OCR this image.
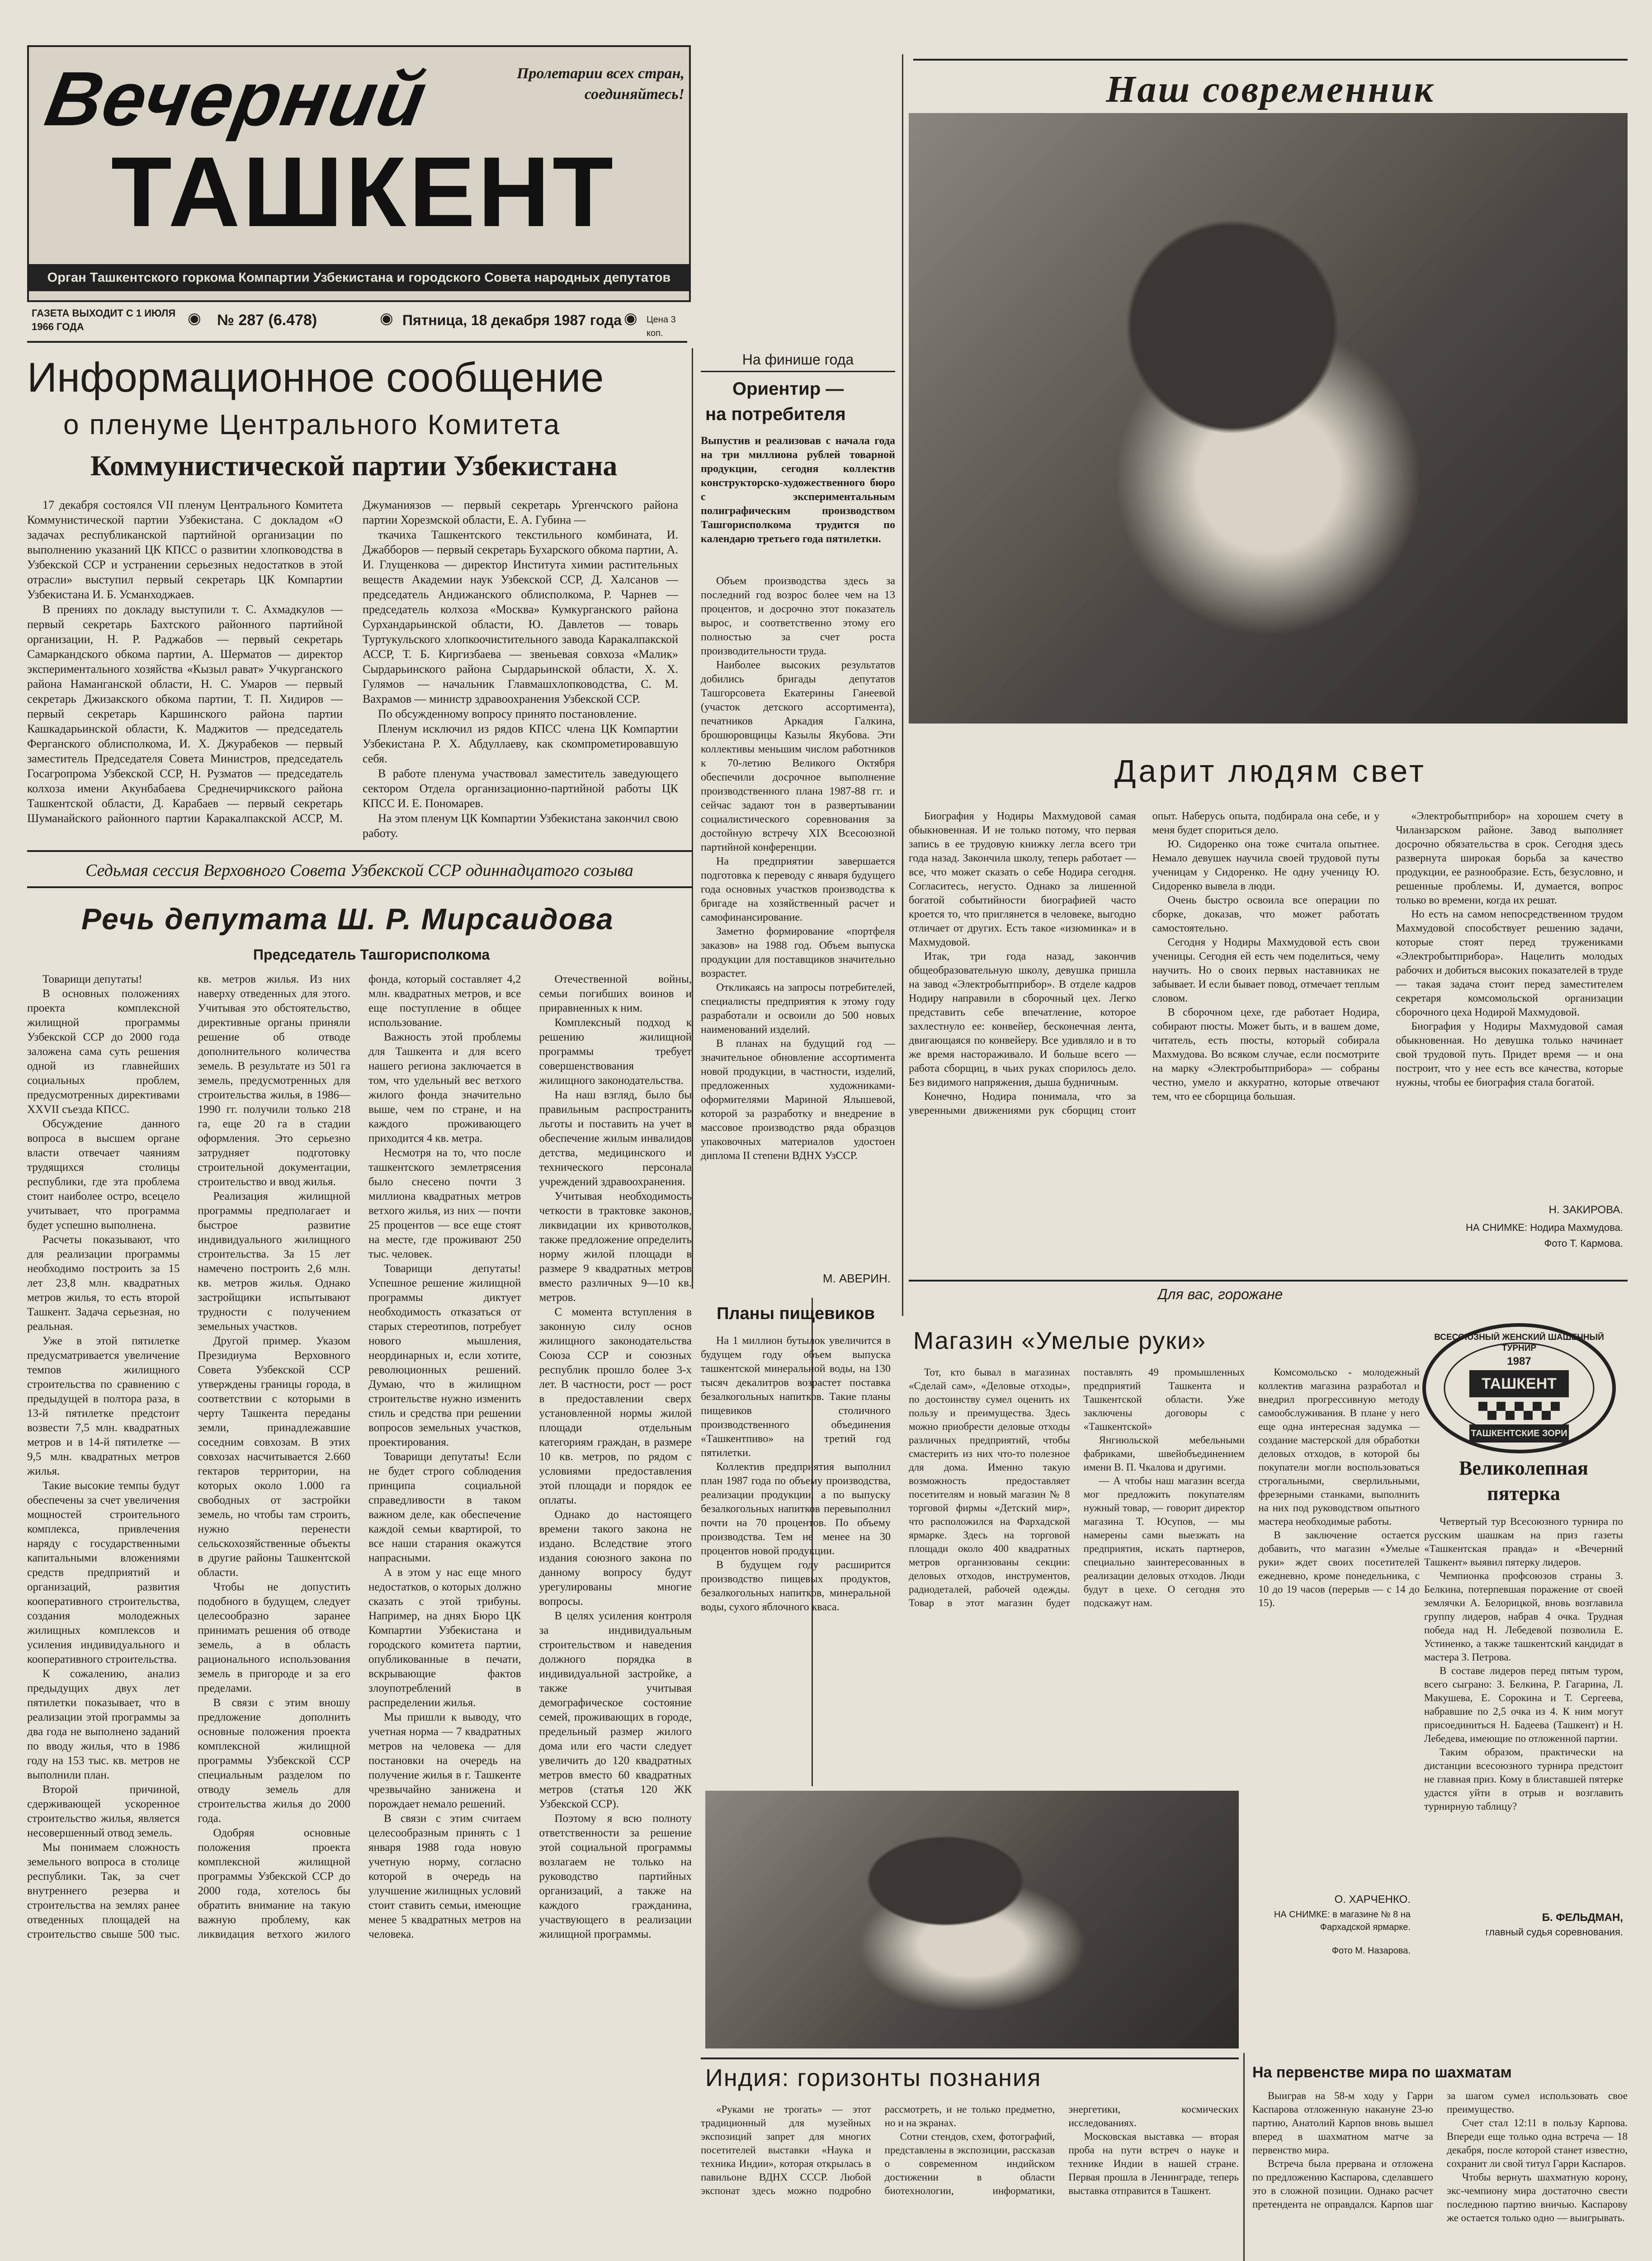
Пролетарии всех стран, соединяйтесь!
Вечерний
ТАШКЕНТ
Орган Ташкентского горкома Компартии Узбекистана и городского Совета народных депутатов
ГАЗЕТА ВЫХОДИТ С 1 ИЮЛЯ 1966 ГОДА	◉ № 287 (6.478)	◉ Пятница, 18 декабря 1987 года ◉ Цена 3 коп.
Информационное сообщение
о пленуме Центрального Комитета
Коммунистической партии Узбекистана

17 декабря состоялся VII пленум Центрального Комитета Коммунистической партии Узбекистана. С докладом «О задачах республиканской партийной организации по выполнению указаний ЦК КПСС о развитии хлопководства в Узбекской ССР и устранении серьезных недостатков в этой отрасли» выступил первый секретарь ЦК Компартии Узбекистана И. Б. Усманходжаев.

В прениях по докладу выступили т. С. Ахмадкулов — первый секретарь Бахтского районного партийной организации, Н. Р. Раджабов — первый секретарь Самаркандского обкома партии, А. Шерматов — директор экспериментального хозяйства «Кызыл рават» Учкурганского района Наманганской области, Н. С. Умаров — первый секретарь Джизакского обкома партии, Т. П. Хидиров — первый секретарь Каршинского района партии Кашкадарьинской области, К. Маджитов — председатель Ферганского облисполкома, И. Х. Джурабеков — первый заместитель Председателя Совета Министров, председатель Госагропрома Узбекской ССР, Н. Рузматов — председатель колхоза имени Акунбабаева Среднечирчикского района Ташкентской области, Д. Карабаев — первый секретарь Шуманайского районного партии Каракалпакской АССР, М. Джуманиязов — первый секретарь Ургенчского района партии Хорезмской области, Е. А. Губина —

ткачиха Ташкентского текстильного комбината, И. Джабборов — первый секретарь Бухарского обкома партии, А. И. Глущенкова — директор Института химии растительных веществ Академии наук Узбекской ССР, Д. Халсанов — председатель Андижанского облисполкома, Р. Чарнев — председатель колхоза «Москва» Кумкурганского района Сурхандарьинской области, Ю. Давлетов — товарь Туртукульского хлопкоочистительного завода Каракалпакской АССР, Т. Б. Киргизбаева — звеньевая совхоза «Малик» Сырдарьинского района Сырдарьинской области, Х. Х. Гулямов — начальник Главмашхлопководства, С. М. Вахрамов — министр здравоохранения Узбекской ССР.

По обсужденному вопросу принято постановление.

Пленум исключил из рядов КПСС члена ЦК Компартии Узбекистана Р. Х. Абдуллаеву, как скомпрометировавшую себя.

В работе пленума участвовал заместитель заведующего сектором Отдела организационно-партийной работы ЦК КПСС И. Е. Пономарев.

На этом пленум ЦК Компартии Узбекистана закончил свою работу.

На финише года
Ориентир —
на потребителя
Выпустив и реализовав с начала года на три миллиона рублей товарной продукции, сегодня коллектив конструкторско-художественного бюро с экспериментальным полиграфическим производством Ташгорисполкома трудится по календарю третьего года пятилетки.

Объем производства здесь за последний год возрос более чем на 13 процентов, и досрочно этот показатель вырос, и соответственно этому его полностью за счет роста производительности труда.

Наиболее высоких результатов добились бригады депутатов Ташгорсовета Екатерины Ганеевой (участок детского ассортимента), печатников Аркадия Галкина, брошюровщицы Казылы Якубова. Эти коллективы меньшим числом работников к 70-летию Великого Октября обеспечили досрочное выполнение производственного плана 1987-88 гг. и сейчас задают тон в развертывании социалистического соревнования за достойную встречу XIX Всесоюзной партийной конференции.

На предприятии завершается подготовка к переводу с января будущего года основных участков производства к бригаде на хозяйственный расчет и самофинансирование.

Заметно формирование «портфеля заказов» на 1988 год. Объем выпуска продукции для поставщиков значительно возрастет.

Откликаясь на запросы потребителей, специалисты предприятия к этому году разработали и освоили до 500 новых наименований изделий.

В планах на будущий год — значительное обновление ассортимента новой продукции, в частности, изделий, предложенных художниками-оформителями Мариной Ялышевой, которой за разработку и внедрение в массовое производство ряда образцов упаковочных материалов удостоен диплома II степени ВДНХ УзССР.

М. АВЕРИН.
Наш современник
Дарит людям свет

Биография у Нодиры Махмудовой самая обыкновенная. И не только потому, что первая запись в ее трудовую книжку легла всего три года назад. Закончила школу, теперь работает — все, что может сказать о себе Нодира сегодня. Согласитесь, негусто. Однако за лишенной богатой событийности биографией часто кроется то, что приглянется в человеке, выгодно отличает от других. Есть такое «изюминка» и в Махмудовой.

Итак, три года назад, закончив общеобразовательную школу, девушка пришла на завод «Электробытприбор». В отделе кадров Нодиру направили в сборочный цех. Легко представить себе впечатление, которое захлестнуло ее: конвейер, бесконечная лента, двигающаяся по конвейеру. Все удивляло и в то же время настораживало. И больше всего — работа сборщиц, в чьих руках спорилось дело. Без видимого напряжения, дыша будничным.

Конечно, Нодира понимала, что за уверенными движениями рук сборщиц стоит опыт. Наберусь опыта, подбирала она себе, и у меня будет спориться дело.

Ю. Сидоренко она тоже считала опытнее. Немало девушек научила своей трудовой путы ученицам у Сидоренко. Не одну ученицу Ю. Сидоренко вывела в люди.

Очень быстро освоила все операции по сборке, доказав, что может работать самостоятельно.

Сегодня у Нодиры Махмудовой есть свои ученицы. Сегодня ей есть чем поделиться, чему научить. Но о своих первых наставниках не забывает. И если бывает повод, отмечает теплым словом.

В сборочном цехе, где работает Нодира, собирают пюсты. Может быть, и в вашем доме, читатель, есть пюсты, который собирала Махмудова. Во всяком случае, если посмотрите на марку «Электробытприбора» — собраны честно, умело и аккуратно, которые отвечают тем, что ее сборщица большая.

«Электробытприбор» на хорошем счету в Чиланзарском районе. Завод выполняет досрочно обязательства в срок. Сегодня здесь развернута широкая борьба за качество продукции, ее разнообразие. Есть, безусловно, и решенные проблемы. И, думается, вопрос только во времени, когда их решат.

Но есть на самом непосредственном трудом Махмудовой способствует решению задачи, которые стоят перед тружениками «Электробытприбора». Нацелить молодых рабочих и добиться высоких показателей в труде — такая задача стоит перед заместителем секретаря комсомольской организации сборочного цеха Нодирой Махмудовой.

Биография у Нодиры Махмудовой самая обыкновенная. Но девушка только начинает свой трудовой путь. Придет время — и она построит, что у нее есть все качества, которые нужны, чтобы ее биография стала богатой.

Н. ЗАКИРОВА.
НА СНИМКЕ: Нодира Махмудова.
Фото Т. Кармова.
Седьмая сессия Верховного Совета Узбекской ССР одиннадцатого созыва
Речь депутата Ш. Р. Мирсаидова
Председатель Ташгорисполкома

Товарищи депутаты!

В основных положениях проекта комплексной жилищной программы Узбекской ССР до 2000 года заложена сама суть решения одной из главнейших социальных проблем, предусмотренных директивами XXVII съезда КПСС.

Обсуждение данного вопроса в высшем органе власти отвечает чаяниям трудящихся столицы республики, где эта проблема стоит наиболее остро, всецело учитывает, что программа будет успешно выполнена.

Расчеты показывают, что для реализации программы необходимо построить за 15 лет 23,8 млн. квадратных метров жилья, то есть второй Ташкент. Задача серьезная, но реальная.

Уже в этой пятилетке предусматривается увеличение темпов жилищного строительства по сравнению с предыдущей в полтора раза, в 13-й пятилетке предстоит возвести 7,5 млн. квадратных метров и в 14-й пятилетке — 9,5 млн. квадратных метров жилья.

Такие высокие темпы будут обеспечены за счет увеличения мощностей строительного комплекса, привлечения наряду с государственными капитальными вложениями средств предприятий и организаций, развития кооперативного строительства, создания молодежных жилищных комплексов и усиления индивидуального и кооперативного строительства.

К сожалению, анализ предыдущих двух лет пятилетки показывает, что в реализации этой программы за два года не выполнено заданий по вводу жилья, что в 1986 году на 153 тыс. кв. метров не выполнили план.

Второй причиной, сдерживающей ускоренное строительство жилья, является несовершенный отвод земель.

Мы понимаем сложность земельного вопроса в столице республики. Так, за счет внутреннего резерва и строительства на землях ранее отведенных площадей на строительство свыше 500 тыс. кв. метров жилья. Из них наверху отведенных для этого. Учитывая это обстоятельство, директивные органы приняли решение об отводе дополнительного количества земель. В результате из 501 га земель, предусмотренных для строительства жилья, в 1986—1990 гг. получили только 218 га, еще 20 га в стадии оформления. Это серьезно затрудняет подготовку строительной документации, строительство и ввод жилья.

Реализация жилищной программы предполагает и быстрое развитие индивидуального жилищного строительства. За 15 лет намечено построить 2,6 млн. кв. метров жилья. Однако застройщики испытывают трудности с получением земельных участков.

Другой пример. Указом Президиума Верховного Совета Узбекской ССР утверждены границы города, в соответствии с которыми в черту Ташкента переданы земли, принадлежавшие соседним совхозам. В этих совхозах насчитывается 2.660 гектаров территории, на которых около 1.000 га свободных от застройки земель, но чтобы там строить, нужно перенести сельскохозяйственные объекты в другие районы Ташкентской области.

Чтобы не допустить подобного в будущем, следует целесообразно заранее принимать решения об отводе земель, а в область рационального использования земель в пригороде и за его пределами.

В связи с этим вношу предложение дополнить основные положения проекта комплексной жилищной программы Узбекской ССР специальным разделом по отводу земель для строительства жилья до 2000 года.

Одобряя основные положения проекта комплексной жилищной программы Узбекской ССР до 2000 года, хотелось бы обратить внимание на такую важную проблему, как ликвидация ветхого жилого фонда, который составляет 4,2 млн. квадратных метров, и все еще поступление в общее использование.

Важность этой проблемы для Ташкента и для всего нашего региона заключается в том, что удельный вес ветхого жилого фонда значительно выше, чем по стране, и на каждого проживающего приходится 4 кв. метра.

Несмотря на то, что после ташкентского землетрясения было снесено почти 3 миллиона квадратных метров ветхого жилья, из них — почти 25 процентов — все еще стоят на месте, где проживают 250 тыс. человек.

Товарищи депутаты! Успешное решение жилищной программы диктует необходимость отказаться от старых стереотипов, потребует нового мышления, неординарных и, если хотите, революционных решений. Думаю, что в жилищном строительстве нужно изменить стиль и средства при решении вопросов земельных участков, проектирования.

Товарищи депутаты! Если не будет строго соблюдения принципа социальной справедливости в таком важном деле, как обеспечение каждой семьи квартирой, то все наши старания окажутся напрасными.

А в этом у нас еще много недостатков, о которых должно сказать с этой трибуны. Например, на днях Бюро ЦК Компартии Узбекистана и городского комитета партии, опубликованные в печати, вскрывающие фактов злоупотреблений в распределении жилья.

Мы пришли к выводу, что учетная норма — 7 квадратных метров на человека — для постановки на очередь на получение жилья в г. Ташкенте чрезвычайно занижена и порождает немало решений.

В связи с этим считаем целесообразным принять с 1 января 1988 года новую учетную норму, согласно которой в очередь на улучшение жилищных условий стоит ставить семьи, имеющие менее 5 квадратных метров на человека.

Отечественной войны, семьи погибших воинов и приравненных к ним.

Комплексный подход к решению жилищной программы требует совершенствования жилищного законодательства.

На наш взгляд, было бы правильным распространить льготы и поставить на учет в обеспечение жилым инвалидов детства, медицинского и технического персонала учреждений здравоохранения.

Учитывая необходимость четкости в трактовке законов, ликвидации их кривотолков, также предложение определить норму жилой площади в размере 9 квадратных метров вместо различных 9—10 кв. метров.

С момента вступления в законную силу основ жилищного законодательства Союза ССР и союзных республик прошло более 3-х лет. В частности, рост — рост в предоставлении сверх установленной нормы жилой площади отдельным категориям граждан, в размере 10 кв. метров, по рядом с условиями предоставления этой площади и порядок ее оплаты.

Однако до настоящего времени такого закона не издано. Вследствие этого издания союзного закона по данному вопросу будут урегулированы многие вопросы.

В целях усиления контроля за индивидуальным строительством и наведения должного порядка в индивидуальной застройке, а также учитывая демографическое состояние семей, проживающих в городе, предельный размер жилого дома или его части следует увеличить до 120 квадратных метров вместо 60 квадратных метров (статья 120 ЖК Узбекской ССР).

Поэтому я всю полноту ответственности за решение этой социальной программы возлагаем не только на руководство партийных организаций, а также на каждого гражданина, участвующего в реализации жилищной программы.

Планы пищевиков

На 1 миллион бутылок увеличится в будущем году объем выпуска ташкентской минеральной воды, на 130 тысяч декалитров возрастет поставка безалкогольных напитков. Такие планы пищевиков столичного производственного объединения «Ташкентпиво» на третий год пятилетки.

Коллектив предприятия выполнил план 1987 года по объему производства, реализации продукции, а по выпуску безалкогольных напитков перевыполнил почти на 70 процентов. По объему производства. Тем не менее на 30 процентов новой продукции.

В будущем году расширится производство пищевых продуктов, безалкогольных напитков, минеральной воды, сухого яблочного кваса.

Для вас, горожане
Магазин «Умелые руки»

Тот, кто бывал в магазинах «Сделай сам», «Деловые отходы», по достоинству сумел оценить их пользу и преимущества. Здесь можно приобрести деловые отходы различных предприятий, чтобы смастерить из них что-то полезное для дома. Именно такую возможность предоставляет посетителям и новый магазин № 8 торговой фирмы «Детский мир», что расположился на Фархадской ярмарке. Здесь на торговой площади около 400 квадратных метров организованы секции: деловых отходов, инструментов, радиодеталей, рабочей одежды. Товар в этот магазин будет поставлять 49 промышленных предприятий Ташкента и Ташкентской области. Уже заключены договоры с «Ташкентской»

Янгиюльской мебельными фабриками, швейобъединением имени В. П. Чкалова и другими.

— А чтобы наш магазин всегда мог предложить покупателям нужный товар, — говорит директор магазина Т. Юсупов, — мы намерены сами выезжать на предприятия, искать партнеров, специально заинтересованных в реализации деловых отходов. Люди будут в цехе. О сегодня это подскажут нам.

Комсомольско - молодежный коллектив магазина разработал и внедрил прогрессивную методу самообслуживания. В плане у него еще одна интересная задумка — создание мастерской для обработки деловых отходов, в которой бы покупатели могли воспользоваться строгальными, сверлильными, фрезерными станками, выполнить на них под руководством опытного мастера необходимые работы.

В заключение остается добавить, что магазин «Умелые руки» ждет своих посетителей ежедневно, кроме понедельника, с 10 до 19 часов (перерыв — с 14 до 15).

О. ХАРЧЕНКО.
НА СНИМКЕ: в магазине № 8 на Фархадской ярмарке.
Фото М. Назарова.
ВСЕСОЮЗНЫЙ ЖЕНСКИЙ ШАШЕЧНЫЙ ТУРНИР
ТАШКЕНТ
1987
ТАШКЕНТСКИЕ ЗОРИ
Великолепная
пятерка

Четвертый тур Всесоюзного турнира по русским шашкам на приз газеты «Ташкентская правда» и «Вечерний Ташкент» выявил пятерку лидеров.

Чемпионка профсоюзов страны З. Белкина, потерпевшая поражение от своей землячки А. Белорицкой, вновь возглавила группу лидеров, набрав 4 очка. Трудная победа над Н. Лебедевой позволила Е. Устиненко, а также ташкентский кандидат в мастера З. Петрова.

В составе лидеров перед пятым туром, всего сыграно: З. Белкина, Р. Гагарина, Л. Макушева, Е. Сорокина и Т. Сергеева, набравшие по 2,5 очка из 4. К ним могут присоединиться Н. Бадеева (Ташкент) и Н. Лебедева, имеющие по отложенной партии.

Таким образом, практически на дистанции всесоюзного турнира предстоит не главная приз. Кому в блиставшей пятерке удастся уйти в отрыв и возглавить турнирную таблицу?

Б. ФЕЛЬДМАН,
главный судья соревнования.
Индия: горизонты познания

«Руками не трогать» — этот традиционный для музейных экспозиций запрет для многих посетителей выставки «Наука и техника Индии», которая открылась в павильоне ВДНХ СССР. Любой экспонат здесь можно подробно рассмотреть, и не только предметно, но и на экранах.

Сотни стендов, схем, фотографий, представлены в экспозиции, рассказав о современном индийском достижении в области биотехнологии, информатики, энергетики, космических исследованиях.

Московская выставка — вторая проба на пути встреч о науке и технике Индии в нашей стране. Первая прошла в Ленинграде, теперь выставка отправится в Ташкент.

На первенстве мира по шахматам

Выиграв на 58-м ходу у Гарри Каспарова отложенную накануне 23-ю партию, Анатолий Карпов вновь вышел вперед в шахматном матче за первенство мира.

Встреча была прервана и отложена по предложению Каспарова, сделавшего это в сложной позиции. Однако расчет претендента не оправдался. Карпов шаг за шагом сумел использовать свое преимущество.

Счет стал 12:11 в пользу Карпова. Впереди еще только одна встреча — 18 декабря, после которой станет известно, сохранит ли свой титул Гарри Каспаров.

Чтобы вернуть шахматную корону, экс-чемпиону мира достаточно свести последнюю партию вничью. Каспарову же остается только одно — выигрывать.
